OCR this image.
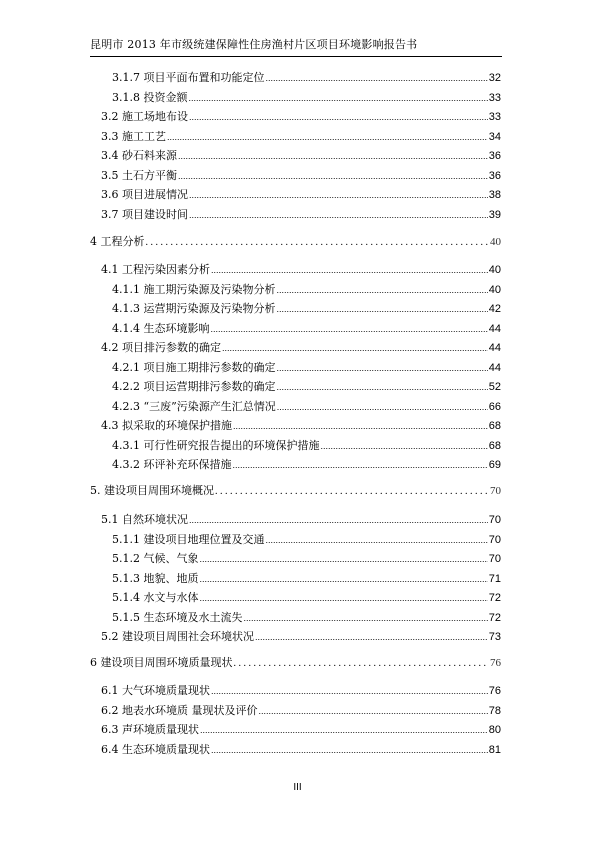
昆明市 2013 年市级统建保障性住房渔村片区项目环境影响报告书
3.1.7 项目平面布置和功能定位 .....	32
3.1.8 投资金额 .....	33
3.2 施工场地布设 .....	33
3.3 施工工艺 .....	34
3.4 砂石料来源 .....	36
3.5 土石方平衡 .....	36
3.6 项目进展情况 .....	38
3.7 项目建设时间 .....	39
4 工程分析 . . .	40
4.1 工程污染因素分析 .....	40
4.1.1 施工期污染源及污染物分析 .....	40
4.1.3 运营期污染源及污染物分析 .....	42
4.1.4 生态环境影响 .....	44
4.2 项目排污参数的确定 .....	44
4.2.1 项目施工期排污参数的确定 .....	44
4.2.2 项目运营期排污参数的确定 .....	52
4.2.3 “三废”污染源产生汇总情况 .....	66
4.3 拟采取的环境保护措施 .....	68
4.3.1 可行性研究报告提出的环境保护措施 .....	68
4.3.2 环评补充环保措施 .....	69
5. 建设项目周围环境概况 . . .	70
5.1 自然环境状况 .....	70
5.1.1 建设项目地理位置及交通 .....	70
5.1.2 气候、气象 .....	70
5.1.3 地貌、地质 .....	71
5.1.4 水文与水体 .....	72
5.1.5 生态环境及水土流失 .....	72
5.2 建设项目周围社会环境状况 .....	73
6 建设项目周围环境质量现状 . . .	76
6.1 大气环境质量现状 .....	76
6.2 地表水环境质 量现状及评价 .....	78
6.3 声环境质量现状 .....	80
6.4 生态环境质量现状 .....	81
III
